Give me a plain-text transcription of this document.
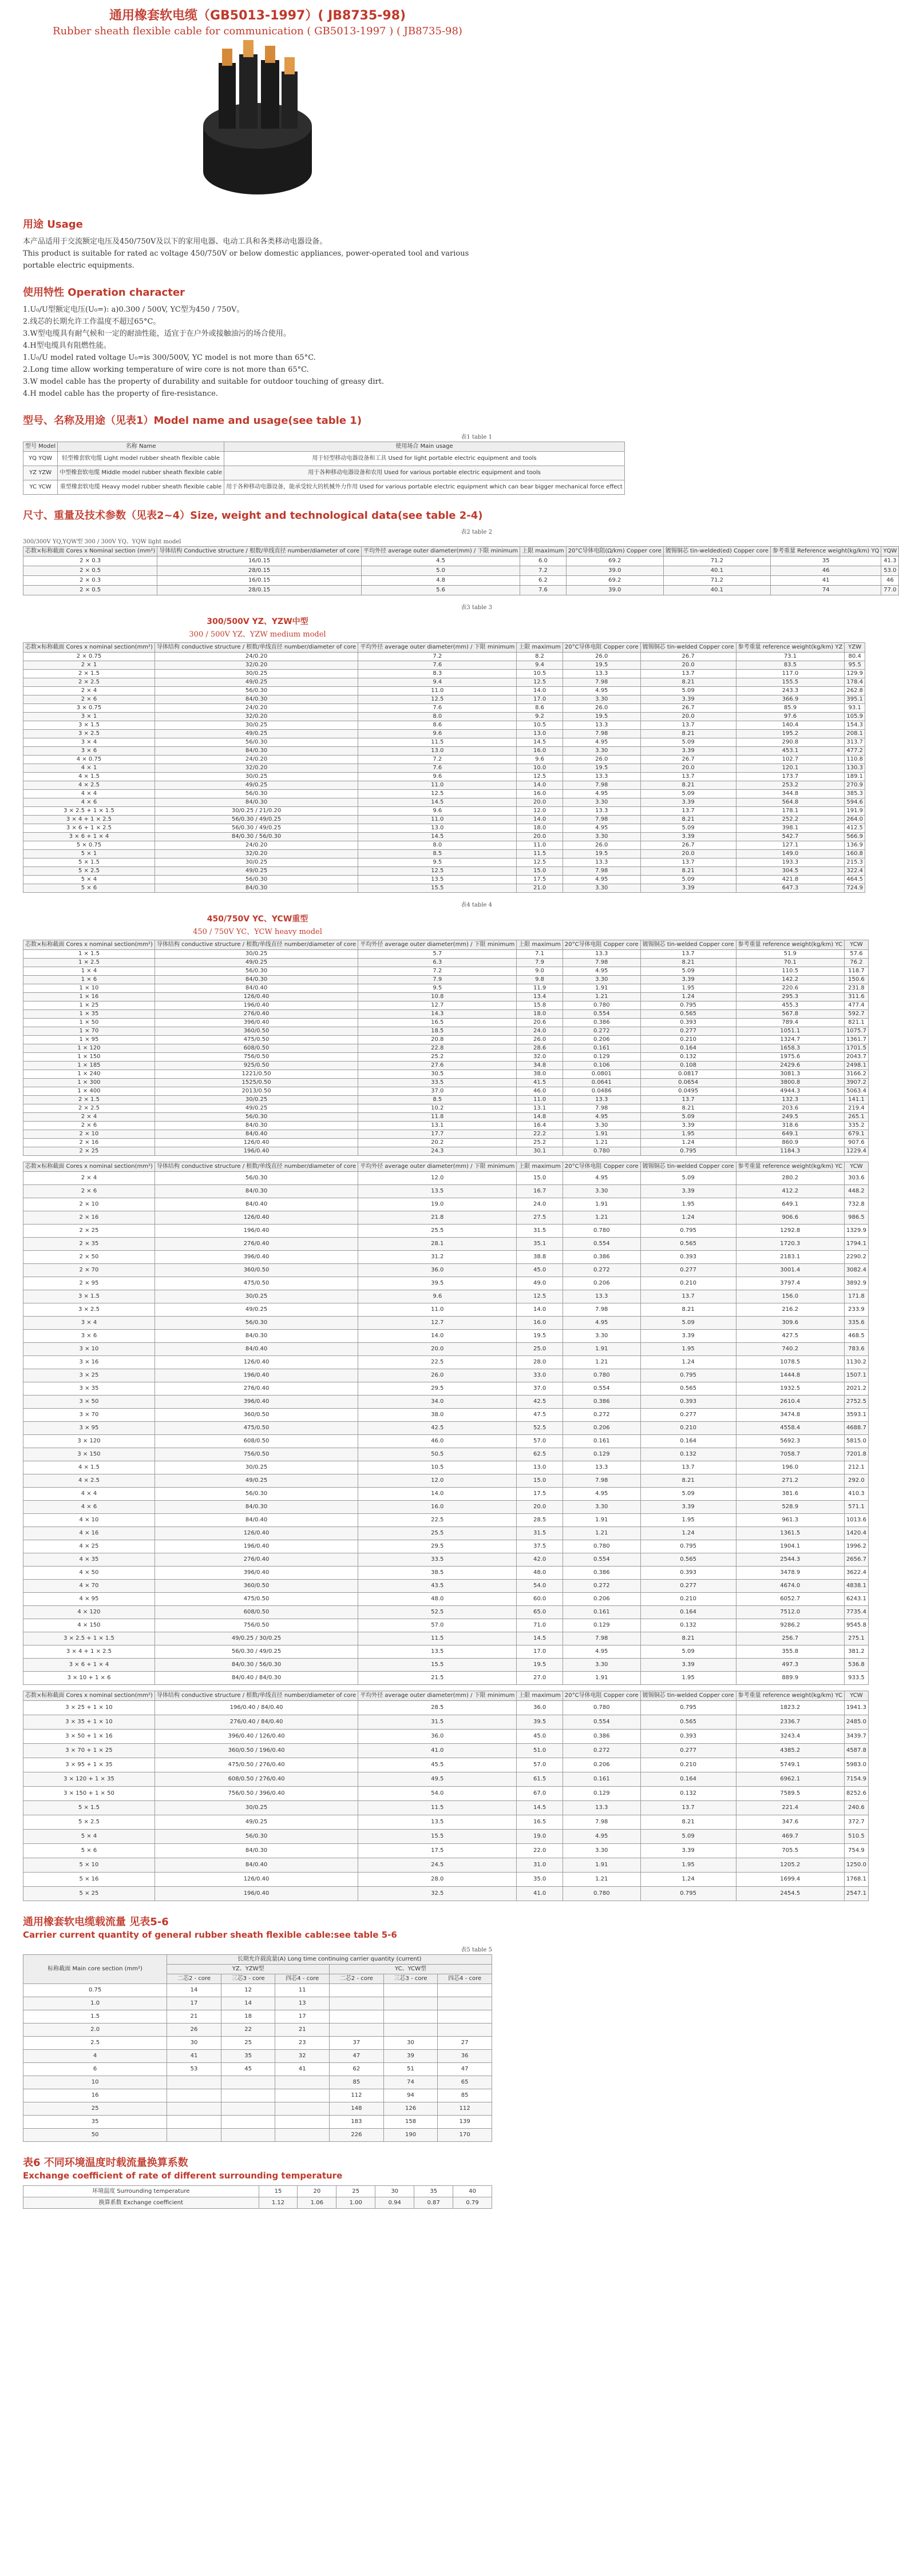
通用橡套软电缆（GB5013-1997）( JB8735-98)
Rubber sheath flexible cable for communication ( GB5013-1997 ) ( JB8735-98)
用途 Usage

本产品适用于交流额定电压及450/750V及以下的家用电器、电动工具和各类移动电器设备。

This product is suitable for rated ac voltage 450/750V or below domestic appliances, power-operated tool and various portable electric equipments.

使用特性 Operation character

1.U₀/U型额定电压(U₀=): a)0.300 / 500V, YC型为450 / 750V。

2.线芯的长期允许工作温度不超过65°C。

3.W型电缆具有耐气候和一定的耐油性能，适宜于在户外或接触油污的场合使用。

4.H型电缆具有阻燃性能。

1.U₀/U model rated voltage U₀=is 300/500V, YC model is not more than 65°C.

2.Long time allow working temperature of wire core is not more than 65°C.

3.W model cable has the property of durability and suitable for outdoor touching of greasy dirt.

4.H model cable has the property of fire-resistance.

型号、名称及用途（见表1）Model name and usage(see table 1)
表1 table 1
型号 Model	名称 Name	使用场合 Main usage
YQ YQW	轻型橡套软电缆 Light model rubber sheath flexible cable	用于轻型移动电器设备和工具 Used for light portable electric equipment and tools
YZ YZW	中型橡套软电缆 Middle model rubber sheath flexible cable	用于各种移动电器设备和农用 Used for various portable electric equipment and tools
YC YCW	重型橡套软电缆 Heavy model rubber sheath flexible cable	用于各种移动电器设备，能承受较大的机械外力作用 Used for various portable electric equipment which can bear bigger mechanical force effect
尺寸、重量及技术参数（见表2~4）Size, weight and technological data(see table 2-4)
表2 table 2
300/300V YQ,YQW型 300 / 300V YQ、YQW light model
芯数×标称截面 Cores x Nominal section (mm²)	导体结构 Conductive structure / 根数/单线直径 number/diameter of core	平均外径 average outer diameter(mm) / 下限 minimum	上限 maximum	20°C导体电阻(Ω/km) Copper core	镀锡铜芯 tin-welded(ed) Copper core	参考重量 Reference weight(kg/km) YQ	YQW
2 × 0.3	16/0.15	4.5	6.0	69.2	71.2	35	41.3
2 × 0.5	28/0.15	5.0	7.2	39.0	40.1	46	53.0
2 × 0.3	16/0.15	4.8	6.2	69.2	71.2	41	46
2 × 0.5	28/0.15	5.6	7.6	39.0	40.1	74	77.0
表3 table 3
300/500V YZ、YZW中型
300 / 500V YZ、YZW medium model
芯数×标称截面 Cores x nominal section(mm²)	导体结构 conductive structure / 根数/单线直径 number/diameter of core	平均外径 average outer diameter(mm) / 下限 minimum	上限 maximum	20°C导体电阻 Copper core	镀锡铜芯 tin-welded Copper core	参考重量 reference weight(kg/km) YZ	YZW
2 × 0.75	24/0.20	7.2	8.2	26.0	26.7	73.1	80.4
2 × 1	32/0.20	7.6	9.4	19.5	20.0	83.5	95.5
2 × 1.5	30/0.25	8.3	10.5	13.3	13.7	117.0	129.9
2 × 2.5	49/0.25	9.4	12.5	7.98	8.21	155.5	178.4
2 × 4	56/0.30	11.0	14.0	4.95	5.09	243.3	262.8
2 × 6	84/0.30	12.5	17.0	3.30	3.39	366.9	395.1
3 × 0.75	24/0.20	7.6	8.6	26.0	26.7	85.9	93.1
3 × 1	32/0.20	8.0	9.2	19.5	20.0	97.6	105.9
3 × 1.5	30/0.25	8.6	10.5	13.3	13.7	140.4	154.3
3 × 2.5	49/0.25	9.6	13.0	7.98	8.21	195.2	208.1
3 × 4	56/0.30	11.5	14.5	4.95	5.09	290.8	313.7
3 × 6	84/0.30	13.0	16.0	3.30	3.39	453.1	477.2
4 × 0.75	24/0.20	7.2	9.6	26.0	26.7	102.7	110.8
4 × 1	32/0.20	7.6	10.0	19.5	20.0	120.1	130.3
4 × 1.5	30/0.25	9.6	12.5	13.3	13.7	173.7	189.1
4 × 2.5	49/0.25	11.0	14.0	7.98	8.21	253.2	270.9
4 × 4	56/0.30	12.5	16.0	4.95	5.09	344.8	385.3
4 × 6	84/0.30	14.5	20.0	3.30	3.39	564.8	594.6
3 × 2.5 + 1 × 1.5	30/0.25 / 21/0.20	9.6	12.0	13.3	13.7	178.1	191.9
3 × 4 + 1 × 2.5	56/0.30 / 49/0.25	11.0	14.0	7.98	8.21	252.2	264.0
3 × 6 + 1 × 2.5	56/0.30 / 49/0.25	13.0	18.0	4.95	5.09	398.1	412.5
3 × 6 + 1 × 4	84/0.30 / 56/0.30	14.5	20.0	3.30	3.39	542.7	566.9
5 × 0.75	24/0.20	8.0	11.0	26.0	26.7	127.1	136.9
5 × 1	32/0.20	8.5	11.5	19.5	20.0	149.0	160.8
5 × 1.5	30/0.25	9.5	12.5	13.3	13.7	193.3	215.3
5 × 2.5	49/0.25	12.5	15.0	7.98	8.21	304.5	322.4
5 × 4	56/0.30	13.5	17.5	4.95	5.09	421.8	464.5
5 × 6	84/0.30	15.5	21.0	3.30	3.39	647.3	724.9
表4 table 4
450/750V YC、YCW重型
450 / 750V YC、YCW heavy model
芯数×标称截面 Cores x nominal section(mm²)	导体结构 conductive structure / 根数/单线直径 number/diameter of core	平均外径 average outer diameter(mm) / 下限 minimum	上限 maximum	20°C导体电阻 Copper core	镀锡铜芯 tin-welded Copper core	参考重量 reference weight(kg/km) YC	YCW
1 × 1.5	30/0.25	5.7	7.1	13.3	13.7	51.9	57.6
1 × 2.5	49/0.25	6.3	7.9	7.98	8.21	70.1	76.2
1 × 4	56/0.30	7.2	9.0	4.95	5.09	110.5	118.7
1 × 6	84/0.30	7.9	9.8	3.30	3.39	142.2	150.6
1 × 10	84/0.40	9.5	11.9	1.91	1.95	220.6	231.8
1 × 16	126/0.40	10.8	13.4	1.21	1.24	295.3	311.6
1 × 25	196/0.40	12.7	15.8	0.780	0.795	455.3	477.4
1 × 35	276/0.40	14.3	18.0	0.554	0.565	567.8	592.7
1 × 50	396/0.40	16.5	20.6	0.386	0.393	789.4	821.1
1 × 70	360/0.50	18.5	24.0	0.272	0.277	1051.1	1075.7
1 × 95	475/0.50	20.8	26.0	0.206	0.210	1324.7	1361.7
1 × 120	608/0.50	22.8	28.6	0.161	0.164	1658.3	1701.5
1 × 150	756/0.50	25.2	32.0	0.129	0.132	1975.6	2043.7
1 × 185	925/0.50	27.6	34.8	0.106	0.108	2429.6	2498.1
1 × 240	1221/0.50	30.5	38.0	0.0801	0.0817	3081.3	3166.2
1 × 300	1525/0.50	33.5	41.5	0.0641	0.0654	3800.8	3907.2
1 × 400	2013/0.50	37.0	46.0	0.0486	0.0495	4944.3	5063.4
2 × 1.5	30/0.25	8.5	11.0	13.3	13.7	132.3	141.1
2 × 2.5	49/0.25	10.2	13.1	7.98	8.21	203.6	219.4
2 × 4	56/0.30	11.8	14.8	4.95	5.09	249.5	265.1
2 × 6	84/0.30	13.1	16.4	3.30	3.39	318.6	335.2
2 × 10	84/0.40	17.7	22.2	1.91	1.95	649.1	679.1
2 × 16	126/0.40	20.2	25.2	1.21	1.24	860.9	907.6
2 × 25	196/0.40	24.3	30.1	0.780	0.795	1184.3	1229.4
芯数×标称截面 Cores x nominal section(mm²)	导体结构 conductive structure / 根数/单线直径 number/diameter of core	平均外径 average outer diameter(mm) / 下限 minimum	上限 maximum	20°C导体电阻 Copper core	镀锡铜芯 tin-welded Copper core	参考重量 reference weight(kg/km) YC	YCW
2 × 4	56/0.30	12.0	15.0	4.95	5.09	280.2	303.6
2 × 6	84/0.30	13.5	16.7	3.30	3.39	412.2	448.2
2 × 10	84/0.40	19.0	24.0	1.91	1.95	649.1	732.8
2 × 16	126/0.40	21.8	27.5	1.21	1.24	906.6	986.5
2 × 25	196/0.40	25.5	31.5	0.780	0.795	1292.8	1329.9
2 × 35	276/0.40	28.1	35.1	0.554	0.565	1720.3	1794.1
2 × 50	396/0.40	31.2	38.8	0.386	0.393	2183.1	2290.2
2 × 70	360/0.50	36.0	45.0	0.272	0.277	3001.4	3082.4
2 × 95	475/0.50	39.5	49.0	0.206	0.210	3797.4	3892.9
3 × 1.5	30/0.25	9.6	12.5	13.3	13.7	156.0	171.8
3 × 2.5	49/0.25	11.0	14.0	7.98	8.21	216.2	233.9
3 × 4	56/0.30	12.7	16.0	4.95	5.09	309.6	335.6
3 × 6	84/0.30	14.0	19.5	3.30	3.39	427.5	468.5
3 × 10	84/0.40	20.0	25.0	1.91	1.95	740.2	783.6
3 × 16	126/0.40	22.5	28.0	1.21	1.24	1078.5	1130.2
3 × 25	196/0.40	26.0	33.0	0.780	0.795	1444.8	1507.1
3 × 35	276/0.40	29.5	37.0	0.554	0.565	1932.5	2021.2
3 × 50	396/0.40	34.0	42.5	0.386	0.393	2610.4	2752.5
3 × 70	360/0.50	38.0	47.5	0.272	0.277	3474.8	3593.1
3 × 95	475/0.50	42.5	52.5	0.206	0.210	4558.4	4688.7
3 × 120	608/0.50	46.0	57.0	0.161	0.164	5692.3	5815.0
3 × 150	756/0.50	50.5	62.5	0.129	0.132	7058.7	7201.8
4 × 1.5	30/0.25	10.5	13.0	13.3	13.7	196.0	212.1
4 × 2.5	49/0.25	12.0	15.0	7.98	8.21	271.2	292.0
4 × 4	56/0.30	14.0	17.5	4.95	5.09	381.6	410.3
4 × 6	84/0.30	16.0	20.0	3.30	3.39	528.9	571.1
4 × 10	84/0.40	22.5	28.5	1.91	1.95	961.3	1013.6
4 × 16	126/0.40	25.5	31.5	1.21	1.24	1361.5	1420.4
4 × 25	196/0.40	29.5	37.5	0.780	0.795	1904.1	1996.2
4 × 35	276/0.40	33.5	42.0	0.554	0.565	2544.3	2656.7
4 × 50	396/0.40	38.5	48.0	0.386	0.393	3478.9	3622.4
4 × 70	360/0.50	43.5	54.0	0.272	0.277	4674.0	4838.1
4 × 95	475/0.50	48.0	60.0	0.206	0.210	6052.7	6243.1
4 × 120	608/0.50	52.5	65.0	0.161	0.164	7512.0	7735.4
4 × 150	756/0.50	57.0	71.0	0.129	0.132	9286.2	9545.8
3 × 2.5 + 1 × 1.5	49/0.25 / 30/0.25	11.5	14.5	7.98	8.21	256.7	275.1
3 × 4 + 1 × 2.5	56/0.30 / 49/0.25	13.5	17.0	4.95	5.09	355.8	381.2
3 × 6 + 1 × 4	84/0.30 / 56/0.30	15.5	19.5	3.30	3.39	497.3	536.8
3 × 10 + 1 × 6	84/0.40 / 84/0.30	21.5	27.0	1.91	1.95	889.9	933.5
芯数×标称截面 Cores x nominal section(mm²)	导体结构 conductive structure / 根数/单线直径 number/diameter of core	平均外径 average outer diameter(mm) / 下限 minimum	上限 maximum	20°C导体电阻 Copper core	镀锡铜芯 tin-welded Copper core	参考重量 reference weight(kg/km) YC	YCW
3 × 25 + 1 × 10	196/0.40 / 84/0.40	28.5	36.0	0.780	0.795	1823.2	1941.3
3 × 35 + 1 × 10	276/0.40 / 84/0.40	31.5	39.5	0.554	0.565	2336.7	2485.0
3 × 50 + 1 × 16	396/0.40 / 126/0.40	36.0	45.0	0.386	0.393	3243.4	3439.7
3 × 70 + 1 × 25	360/0.50 / 196/0.40	41.0	51.0	0.272	0.277	4385.2	4587.8
3 × 95 + 1 × 35	475/0.50 / 276/0.40	45.5	57.0	0.206	0.210	5749.1	5983.0
3 × 120 + 1 × 35	608/0.50 / 276/0.40	49.5	61.5	0.161	0.164	6962.1	7154.9
3 × 150 + 1 × 50	756/0.50 / 396/0.40	54.0	67.0	0.129	0.132	7589.5	8252.6
5 × 1.5	30/0.25	11.5	14.5	13.3	13.7	221.4	240.6
5 × 2.5	49/0.25	13.5	16.5	7.98	8.21	347.6	372.7
5 × 4	56/0.30	15.5	19.0	4.95	5.09	469.7	510.5
5 × 6	84/0.30	17.5	22.0	3.30	3.39	705.5	754.9
5 × 10	84/0.40	24.5	31.0	1.91	1.95	1205.2	1250.0
5 × 16	126/0.40	28.0	35.0	1.21	1.24	1699.4	1768.1
5 × 25	196/0.40	32.5	41.0	0.780	0.795	2454.5	2547.1
通用橡套软电缆载流量 见表5-6
Carrier current quantity of general rubber sheath flexible cable:see table 5-6
表5 table 5
标称截面 Main core section (mm²)	长期允许载流量(A) Long time continuing carrier quantity (current)					
	YZ、YZW型			YC、YCW型		
	二芯2 - core	三芯3 - core	四芯4 - core	二芯2 - core	三芯3 - core	四芯4 - core
0.75	14	12	11			
1.0	17	14	13			
1.5	21	18	17			
2.0	26	22	21			
2.5	30	25	23	37	30	27
4	41	35	32	47	39	36
6	53	45	41	62	51	47
10				85	74	65
16				112	94	85
25				148	126	112
35				183	158	139
50				226	190	170
表6 不同环境温度时载流量换算系数
Exchange coefficient of rate of different surrounding temperature
环境温度 Surrounding temperature	15	20	25	30	35	40
换算系数 Exchange coefficient	1.12	1.06	1.00	0.94	0.87	0.79
